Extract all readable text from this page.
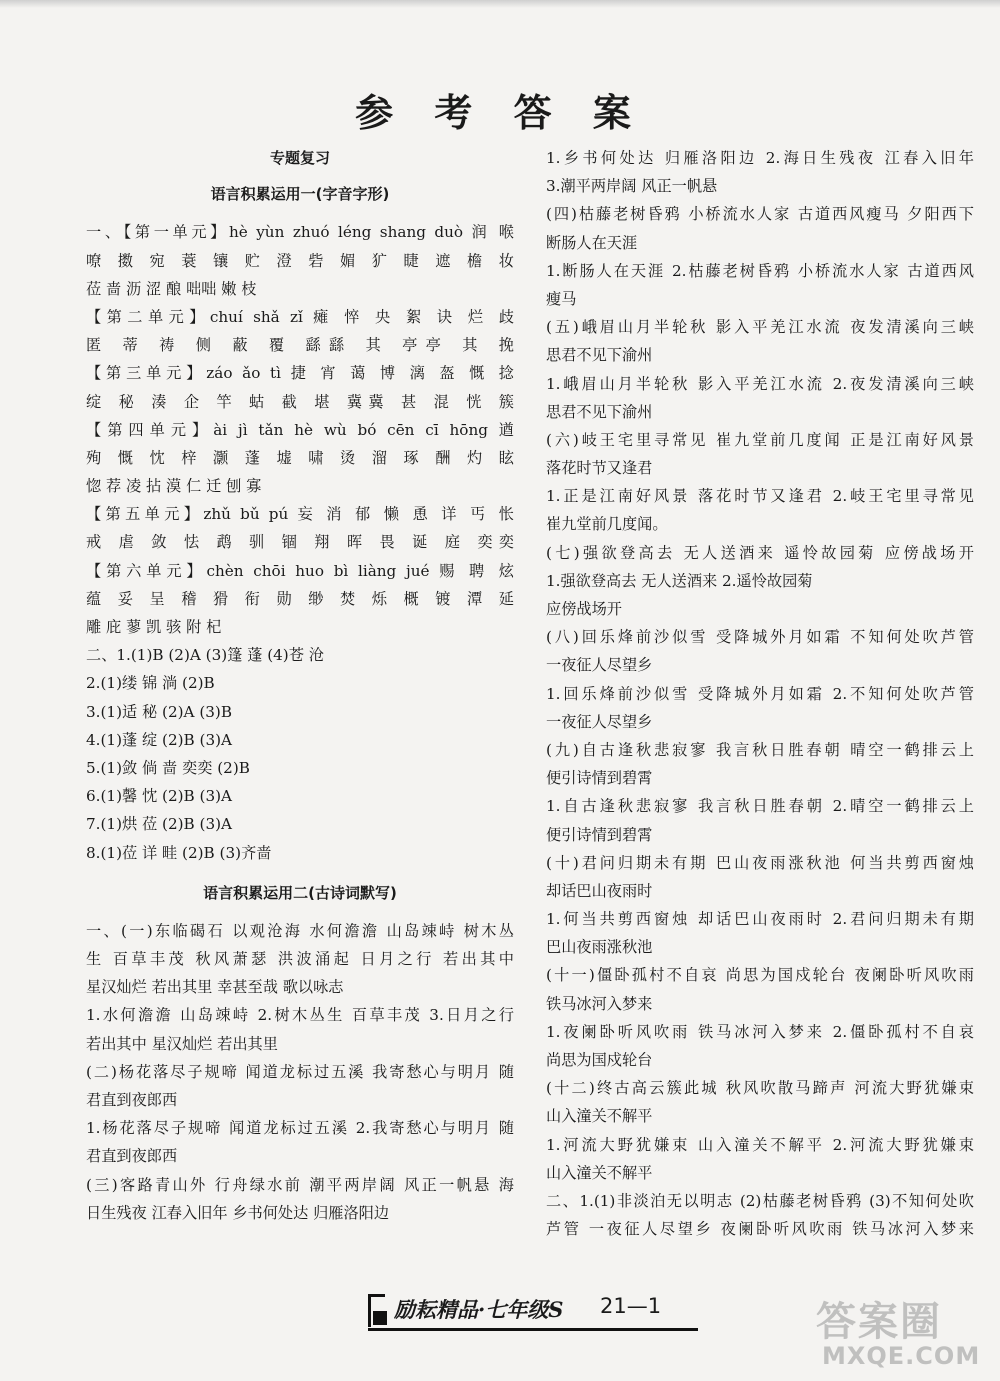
参 考 答 案
专题复习
语言积累运用一(字音字形)
一、【第一单元】hè yùn zhuó léng shang duò 润 喉
嘹 擞 宛 蓑 镶 贮 澄 砦 媚 犷 睫 遮 檐 妆
莅 啬 沥 涩 酿 咄咄 嫩 枝
【第二单元】chuí shǎ zǐ 瘫 悴 央 絮 诀 烂 歧
匿 蒂 祷 侧 蔽 覆 繇繇 其 亭亭 其 挽
【第三单元】záo ǎo tì 捷 宵 蔼 博 漓 盔 慨 捻
绽 秘 湊 企 竿 蛄 截 堪 冀冀 甚 混 恍 簇
【第四单元】ài jì tǎn hè wù bó cēn cī hōng 遒
殉 慨 忱 梓 灏 蓬 墟 啸 烫 溜 琢 酬 灼 眩
惚 荐 凌 拈 漠 仁 迁 刨 寡
【第五单元】zhǔ bǔ pú 妄 消 郁 懒 恿 详 丐 怅
戒 虐 敛 怯 鹉 驯 锢 翔 晖 畏 诞 庭 奕奕
【第六单元】chèn chōi huo bì liàng jué 赐 聘 炫
蕴 妥 呈 稽 猾 衔 勋 缈 焚 烁 概 镀 潭 延
雕 庇 蓼 凯 骇 附 杞
二、1.(1)B (2)A (3)篷 蓬 (4)苍 沧
2.(1)缕 锦 淌 (2)B
3.(1)适 秘 (2)A (3)B
4.(1)蓬 绽 (2)B (3)A
5.(1)敛 倘 啬 奕奕 (2)B
6.(1)馨 忱 (2)B (3)A
7.(1)烘 莅 (2)B (3)A
8.(1)莅 详 畦 (2)B (3)齐啬
语言积累运用二(古诗词默写)
一、(一)东临碣石 以观沧海 水何澹澹 山岛竦峙 树木丛
生 百草丰茂 秋风萧瑟 洪波涌起 日月之行 若出其中
星汉灿烂 若出其里 幸甚至哉 歌以咏志
1.水何澹澹 山岛竦峙 2.树木丛生 百草丰茂 3.日月之行
若出其中 星汉灿烂 若出其里
(二)杨花落尽子规啼 闻道龙标过五溪 我寄愁心与明月 随
君直到夜郎西
1.杨花落尽子规啼 闻道龙标过五溪 2.我寄愁心与明月 随
君直到夜郎西
(三)客路青山外 行舟绿水前 潮平两岸阔 风正一帆悬 海
日生残夜 江春入旧年 乡书何处达 归雁洛阳边
1.乡书何处达 归雁洛阳边 2.海日生残夜 江春入旧年
3.潮平两岸阔 风正一帆悬
(四)枯藤老树昏鸦 小桥流水人家 古道西风瘦马 夕阳西下
断肠人在天涯
1.断肠人在天涯 2.枯藤老树昏鸦 小桥流水人家 古道西风
瘦马
(五)峨眉山月半轮秋 影入平羌江水流 夜发清溪向三峡
思君不见下渝州
1.峨眉山月半轮秋 影入平羌江水流 2.夜发清溪向三峡
思君不见下渝州
(六)岐王宅里寻常见 崔九堂前几度闻 正是江南好风景
落花时节又逢君
1.正是江南好风景 落花时节又逢君 2.岐王宅里寻常见
崔九堂前几度闻。
(七)强欲登高去 无人送酒来 遥怜故园菊 应傍战场开
1.强欲登高去 无人送酒来 2.遥怜故园菊
应傍战场开
(八)回乐烽前沙似雪 受降城外月如霜 不知何处吹芦管
一夜征人尽望乡
1.回乐烽前沙似雪 受降城外月如霜 2.不知何处吹芦管
一夜征人尽望乡
(九)自古逢秋悲寂寥 我言秋日胜春朝 晴空一鹤排云上
便引诗情到碧霄
1.自古逢秋悲寂寥 我言秋日胜春朝 2.晴空一鹤排云上
便引诗情到碧霄
(十)君问归期未有期 巴山夜雨涨秋池 何当共剪西窗烛
却话巴山夜雨时
1.何当共剪西窗烛 却话巴山夜雨时 2.君问归期未有期
巴山夜雨涨秋池
(十一)僵卧孤村不自哀 尚思为国戍轮台 夜阑卧听风吹雨
铁马冰河入梦来
1.夜阑卧听风吹雨 铁马冰河入梦来 2.僵卧孤村不自哀
尚思为国戍轮台
(十二)终古高云簇此城 秋风吹散马蹄声 河流大野犹嫌束
山入潼关不解平
1.河流大野犹嫌束 山入潼关不解平 2.河流大野犹嫌束
山入潼关不解平
二、1.(1)非淡泊无以明志 (2)枯藤老树昏鸦 (3)不知何处吹
芦管 一夜征人尽望乡 夜阑卧听风吹雨 铁马冰河入梦来
励耘精品·七年级S 21—1	答案圈
MXQE.COM
